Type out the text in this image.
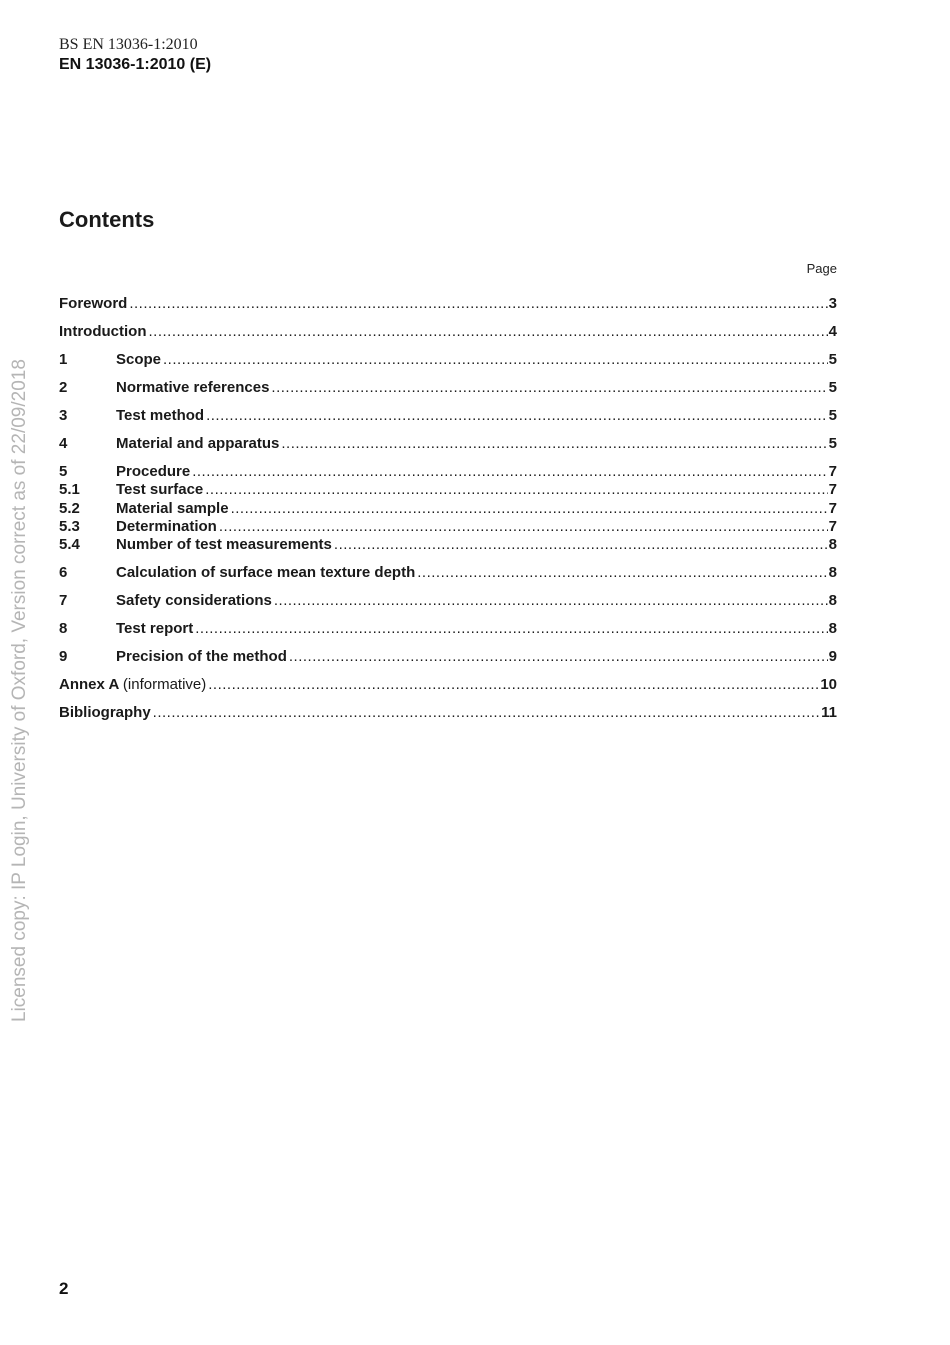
BS EN 13036-1:2010
EN 13036-1:2010 (E)
Contents
Page
Foreword .....	3
Introduction .....	4
1	Scope .....	5
2	Normative references .....	5
3	Test method .....	5
4	Material and apparatus .....	5
5	Procedure .....	7
5.1	Test surface .....	7
5.2	Material sample .....	7
5.3	Determination .....	7
5.4	Number of test measurements .....	8
6	Calculation of surface mean texture depth .....	8
7	Safety considerations .....	8
8	Test report .....	8
9	Precision of the method .....	9
Annex A (informative) .....	10
Bibliography .....	11
Licensed copy: IP Login, University of Oxford, Version correct as of 22/09/2018
2
